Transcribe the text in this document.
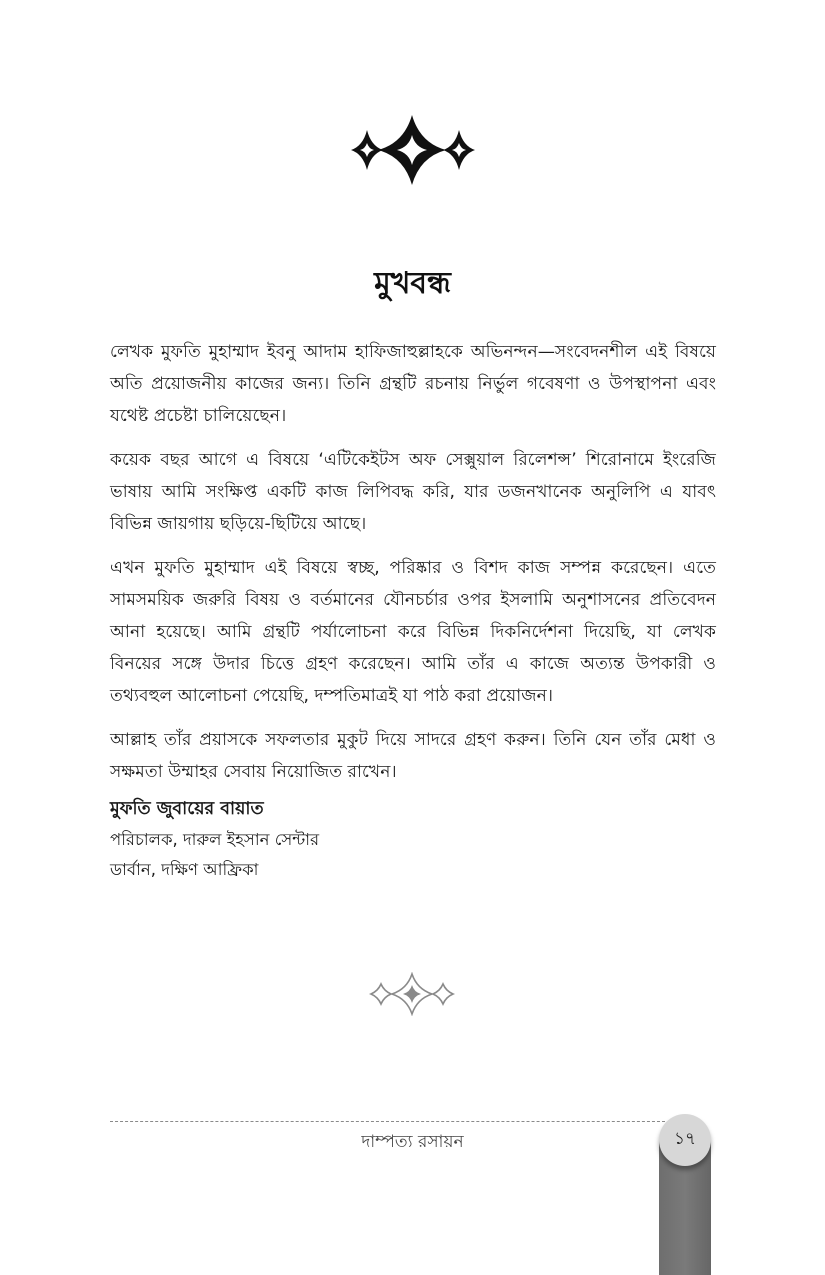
মুখবন্ধ

লেখক মুফতি মুহাম্মাদ ইবনু আদাম হাফিজাহুল্লাহকে অভিনন্দন—সংবেদনশীল এই বিষয়ে অতি প্রয়োজনীয় কাজের জন্য। তিনি গ্রন্থটি রচনায় নির্ভুল গবেষণা ও উপস্থাপনা এবং যথেষ্ট প্রচেষ্টা চালিয়েছেন।

কয়েক বছর আগে এ বিষয়ে ‘এটিকেইটস অফ সেক্সুয়াল রিলেশন্স’ শিরোনামে ইংরেজি ভাষায় আমি সংক্ষিপ্ত একটি কাজ লিপিবদ্ধ করি, যার ডজনখানেক অনুলিপি এ যাবৎ বিভিন্ন জায়গায় ছড়িয়ে-ছিটিয়ে আছে।

এখন মুফতি মুহাম্মাদ এই বিষয়ে স্বচ্ছ, পরিষ্কার ও বিশদ কাজ সম্পন্ন করেছেন। এতে সামসময়িক জরুরি বিষয় ও বর্তমানের যৌনচর্চার ওপর ইসলামি অনুশাসনের প্রতিবেদন আনা হয়েছে। আমি গ্রন্থটি পর্যালোচনা করে বিভিন্ন দিকনির্দেশনা দিয়েছি, যা লেখক বিনয়ের সঙ্গে উদার চিত্তে গ্রহণ করেছেন। আমি তাঁর এ কাজে অত্যন্ত উপকারী ও তথ্যবহুল আলোচনা পেয়েছি, দম্পতিমাত্রই যা পাঠ করা প্রয়োজন।

আল্লাহ তাঁর প্রয়াসকে সফলতার মুকুট দিয়ে সাদরে গ্রহণ করুন। তিনি যেন তাঁর মেধা ও সক্ষমতা উম্মাহর সেবায় নিয়োজিত রাখেন।

মুফতি জুবায়ের বায়াত
পরিচালক, দারুল ইহসান সেন্টার
ডার্বান, দক্ষিণ আফ্রিকা
দাম্পত্য রসায়ন	১৭
